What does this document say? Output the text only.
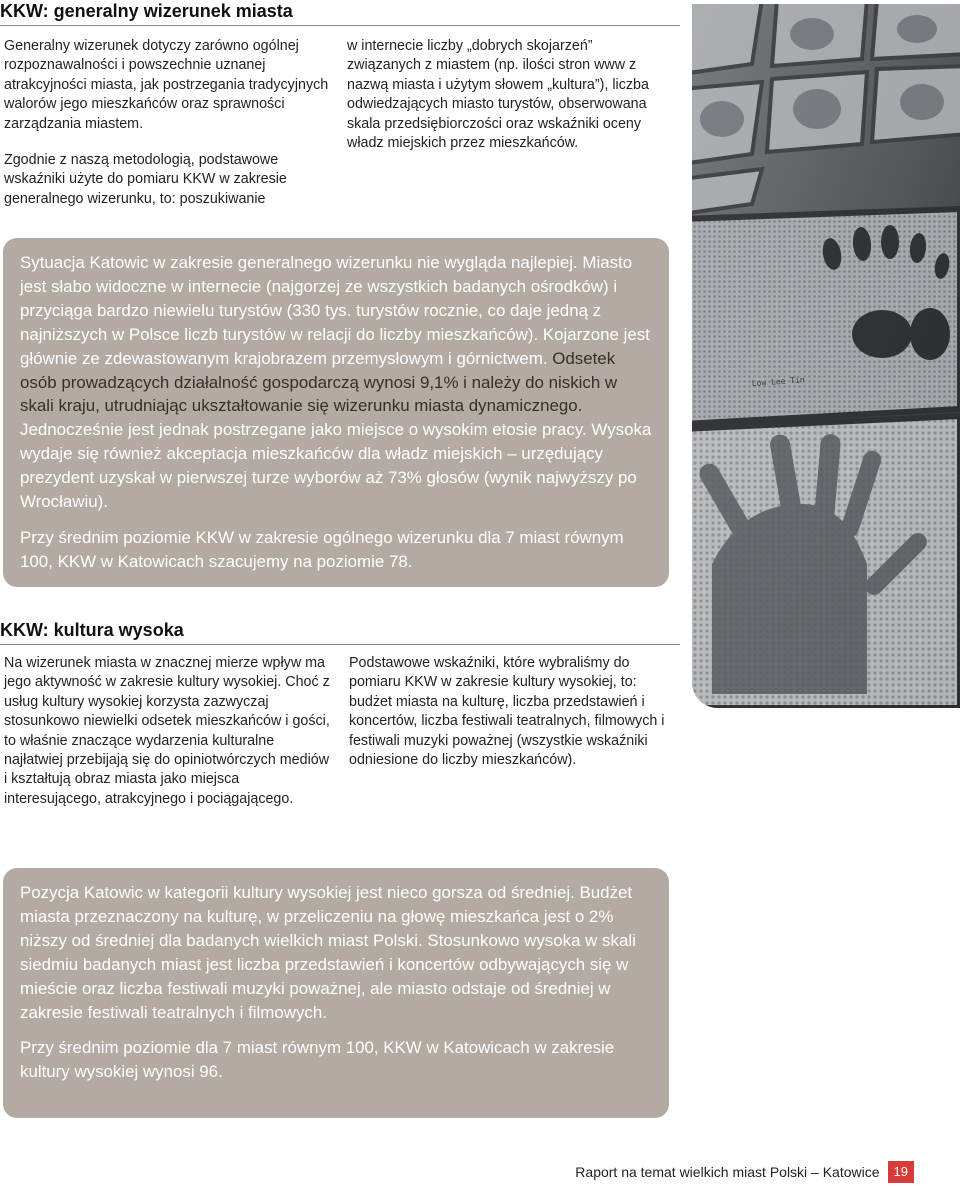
KKW: generalny wizerunek miasta

Generalny wizerunek dotyczy zarówno ogólnej rozpoznawalności i powszechnie uznanej atrakcyjności miasta, jak postrzegania tradycyjnych walorów jego mieszkańców oraz sprawności zarządzania miastem.

Zgodnie z naszą metodologią, podstawowe wskaźniki użyte do pomiaru KKW w zakresie generalnego wizerunku, to: poszukiwanie

w internecie liczby „dobrych skojarzeń” związanych z miastem (np. ilości stron www z nazwą miasta i użytym słowem „kultura”), liczba odwiedzających miasto turystów, obserwowana skala przedsiębiorczości oraz wskaźniki oceny władz miejskich przez mieszkańców.

Sytuacja Katowic w zakresie generalnego wizerunku nie wygląda najlepiej. Miasto jest słabo widoczne w internecie (najgorzej ze wszystkich badanych ośrodków) i przyciąga bardzo niewielu turystów (330 tys. turystów rocznie, co daje jedną z najniższych w Polsce liczb turystów w relacji do liczby mieszkańców). Kojarzone jest głównie ze zdewastowanym krajobrazem przemysłowym i górnictwem. Odsetek osób prowadzących działalność gospodarczą wynosi 9,1% i należy do niskich w skali kraju, utrudniając ukształtowanie się wizerunku miasta dynamicznego. Jednocześnie jest jednak postrzegane jako miejsce o wysokim etosie pracy. Wysoka wydaje się również akceptacja mieszkańców dla władz miejskich – urzędujący prezydent uzyskał w pierwszej turze wyborów aż 73% głosów (wynik najwyższy po Wrocławiu).

Przy średnim poziomie KKW w zakresie ogólnego wizerunku dla 7 miast równym 100, KKW w Katowicach szacujemy na poziomie 78.

KKW: kultura wysoka

Na wizerunek miasta w znacznej mierze wpływ ma jego aktywność w zakresie kultury wysokiej. Choć z usług kultury wysokiej korzysta zazwyczaj stosunkowo niewielki odsetek mieszkańców i gości, to właśnie znaczące wydarzenia kulturalne najłatwiej przebijają się do opiniotwórczych mediów i kształtują obraz miasta jako miejsca interesującego, atrakcyjnego i pociągającego.

Podstawowe wskaźniki, które wybraliśmy do pomiaru KKW w zakresie kultury wysokiej, to: budżet miasta na kulturę, liczba przedstawień i koncertów, liczba festiwali teatralnych, filmowych i festiwali muzyki poważnej (wszystkie wskaźniki odniesione do liczby mieszkańców).

Pozycja Katowic w kategorii kultury wysokiej jest nieco gorsza od średniej. Budżet miasta przeznaczony na kulturę, w przeliczeniu na głowę mieszkańca jest o 2% niższy od średniej dla badanych wielkich miast Polski. Stosunkowo wysoka w skali siedmiu badanych miast jest liczba przedstawień i koncertów odbywających się w mieście oraz liczba festiwali muzyki poważnej, ale miasto odstaje od średniej w zakresie festiwali teatralnych i filmowych.

Przy średnim poziomie dla 7 miast równym 100, KKW w Katowicach w zakresie kultury wysokiej wynosi 96.

Low Lee Tin
Raport na temat wielkich miast Polski – Katowice	19
